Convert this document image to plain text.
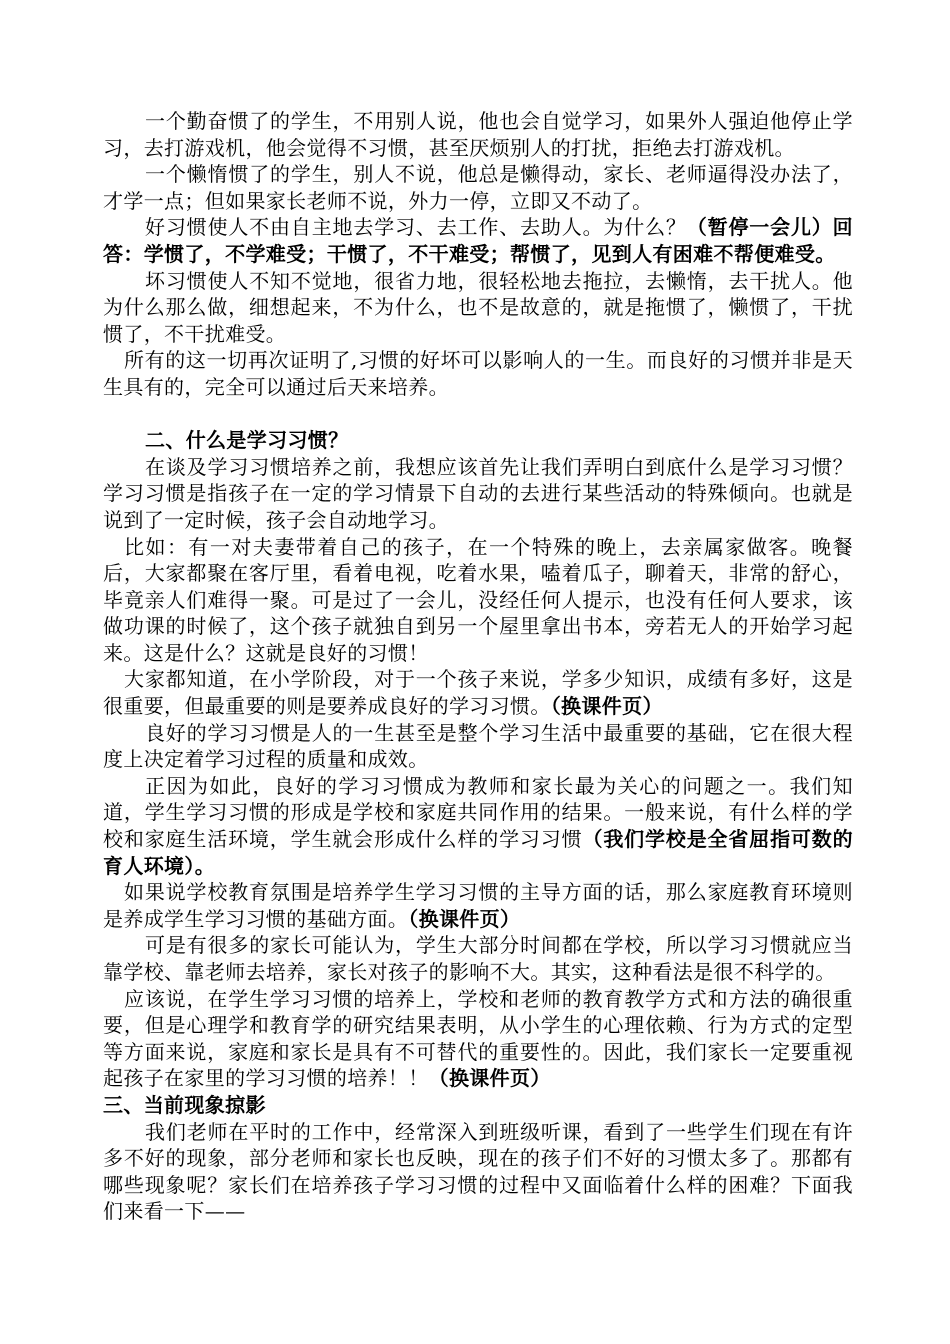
一个勤奋惯了的学生，不用别人说，他也会自觉学习，如果外人强迫他停止学习，去打游戏机，他会觉得不习惯，甚至厌烦别人的打扰，拒绝去打游戏机。

一个懒惰惯了的学生，别人不说，他总是懒得动，家长、老师逼得没办法了，才学一点；但如果家长老师不说，外力一停，立即又不动了。

好习惯使人不由自主地去学习、去工作、去助人。为什么？（暂停一会儿）回答：学惯了，不学难受；干惯了，不干难受；帮惯了，见到人有困难不帮便难受。

坏习惯使人不知不觉地，很省力地，很轻松地去拖拉，去懒惰，去干扰人。他为什么那么做，细想起来，不为什么，也不是故意的，就是拖惯了，懒惯了，干扰惯了，不干扰难受。

所有的这一切再次证明了,习惯的好坏可以影响人的一生。而良好的习惯并非是天生具有的，完全可以通过后天来培养。

二、什么是学习习惯？

在谈及学习习惯培养之前，我想应该首先让我们弄明白到底什么是学习习惯？学习习惯是指孩子在一定的学习情景下自动的去进行某些活动的特殊倾向。也就是说到了一定时候，孩子会自动地学习。

比如：有一对夫妻带着自己的孩子，在一个特殊的晚上，去亲属家做客。晚餐后，大家都聚在客厅里，看着电视，吃着水果，嗑着瓜子，聊着天，非常的舒心，毕竟亲人们难得一聚。可是过了一会儿，没经任何人提示，也没有任何人要求，该做功课的时候了，这个孩子就独自到另一个屋里拿出书本，旁若无人的开始学习起来。这是什么？这就是良好的习惯！

大家都知道，在小学阶段，对于一个孩子来说，学多少知识，成绩有多好，这是很重要，但最重要的则是要养成良好的学习习惯。（换课件页）

良好的学习习惯是人的一生甚至是整个学习生活中最重要的基础，它在很大程度上决定着学习过程的质量和成效。

正因为如此，良好的学习习惯成为教师和家长最为关心的问题之一。我们知道，学生学习习惯的形成是学校和家庭共同作用的结果。一般来说，有什么样的学校和家庭生活环境，学生就会形成什么样的学习习惯（我们学校是全省屈指可数的育人环境）。

如果说学校教育氛围是培养学生学习习惯的主导方面的话，那么家庭教育环境则是养成学生学习习惯的基础方面。（换课件页）

可是有很多的家长可能认为，学生大部分时间都在学校，所以学习习惯就应当靠学校、靠老师去培养，家长对孩子的影响不大。其实，这种看法是很不科学的。

应该说，在学生学习习惯的培养上，学校和老师的教育教学方式和方法的确很重要，但是心理学和教育学的研究结果表明，从小学生的心理依赖、行为方式的定型等方面来说，家庭和家长是具有不可替代的重要性的。因此，我们家长一定要重视起孩子在家里的学习习惯的培养！！（换课件页）

三、当前现象掠影

我们老师在平时的工作中，经常深入到班级听课，看到了一些学生们现在有许多不好的现象，部分老师和家长也反映，现在的孩子们不好的习惯太多了。那都有哪些现象呢？家长们在培养孩子学习习惯的过程中又面临着什么样的困难？下面我们来看一下——
